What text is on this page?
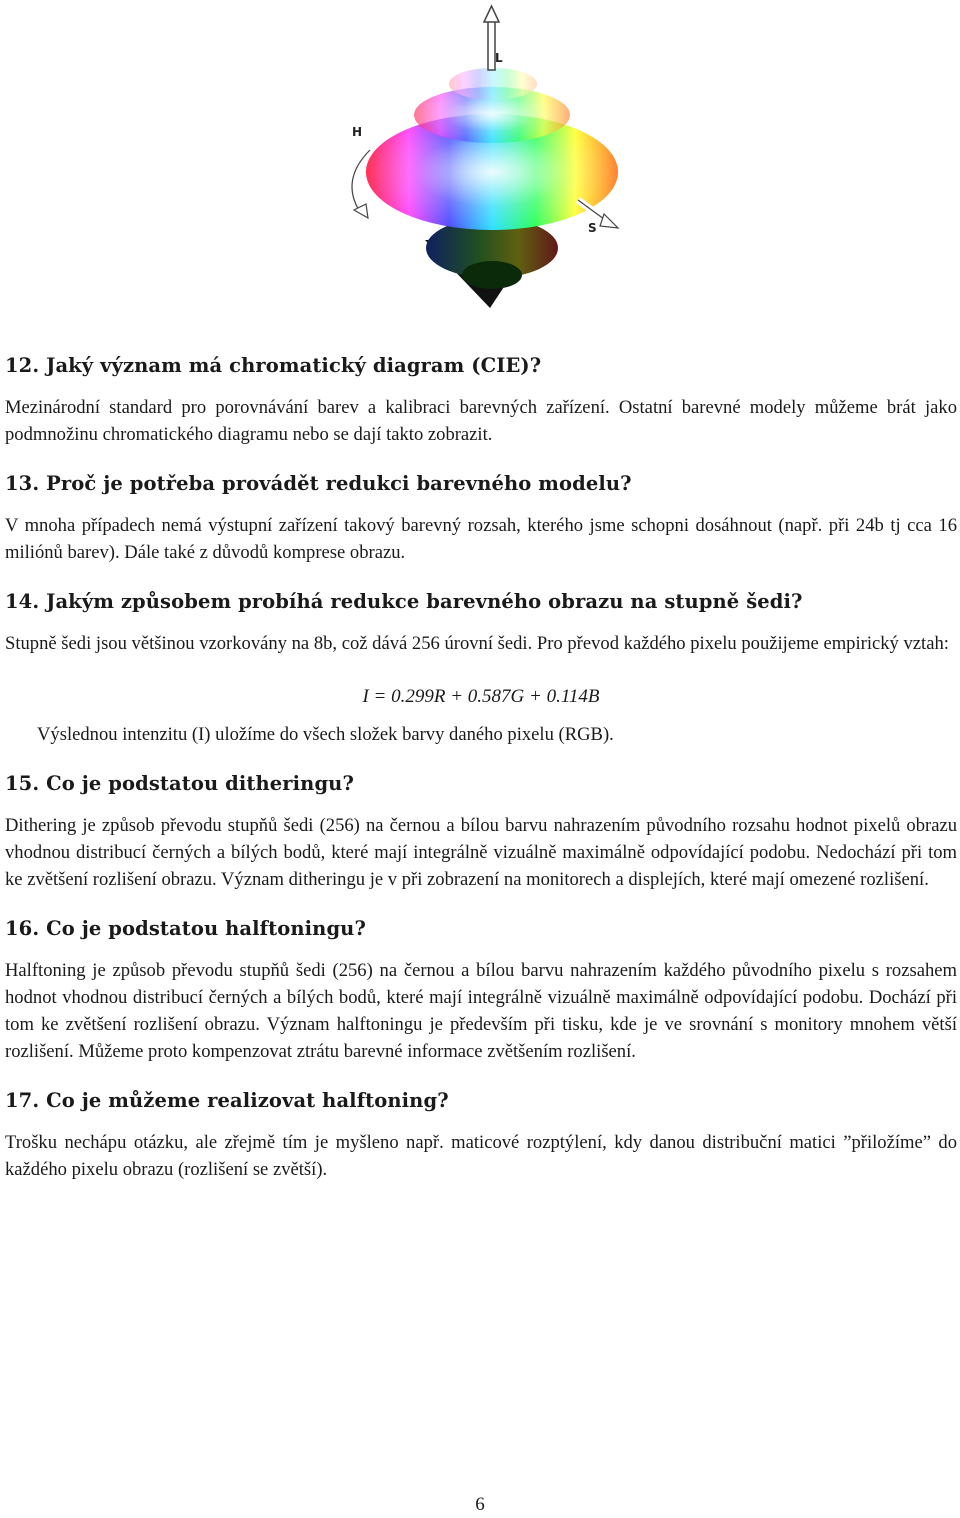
L
H
S
12. Jaký význam má chromatický diagram (CIE)?

Mezinárodní standard pro porovnávání barev a kalibraci barevných zařízení. Ostatní barevné modely můžeme brát jako podmnožinu chromatického diagramu nebo se dají takto zobrazit.

13. Proč je potřeba provádět redukci barevného modelu?

V mnoha případech nemá výstupní zařízení takový barevný rozsah, kterého jsme schopni dosáhnout (např. při 24b tj cca 16 miliónů barev). Dále také z důvodů komprese obrazu.

14. Jakým způsobem probíhá redukce barevného obrazu na stupně šedi?

Stupně šedi jsou většinou vzorkovány na 8b, což dává 256 úrovní šedi. Pro převod každého pixelu použijeme empirický vztah:

I = 0.299R + 0.587G + 0.114B

Výslednou intenzitu (I) uložíme do všech složek barvy daného pixelu (RGB).

15. Co je podstatou ditheringu?

Dithering je způsob převodu stupňů šedi (256) na černou a bílou barvu nahrazením původního rozsahu hodnot pixelů obrazu vhodnou distribucí černých a bílých bodů, které mají integrálně vizuálně maximálně odpovídající podobu. Nedochází při tom ke zvětšení rozlišení obrazu. Význam ditheringu je v při zobrazení na monitorech a displejích, které mají omezené rozlišení.

16. Co je podstatou halftoningu?

Halftoning je způsob převodu stupňů šedi (256) na černou a bílou barvu nahrazením každého původního pixelu s rozsahem hodnot vhodnou distribucí černých a bílých bodů, které mají integrálně vizuálně maximálně odpovídající podobu. Dochází při tom ke zvětšení rozlišení obrazu. Význam halftoningu je především při tisku, kde je ve srovnání s monitory mnohem větší rozlišení. Můžeme proto kompenzovat ztrátu barevné informace zvětšením rozlišení.

17. Co je můžeme realizovat halftoning?

Trošku nechápu otázku, ale zřejmě tím je myšleno např. maticové rozptýlení, kdy danou distribuční matici ”přiložíme” do každého pixelu obrazu (rozlišení se zvětší).

6
